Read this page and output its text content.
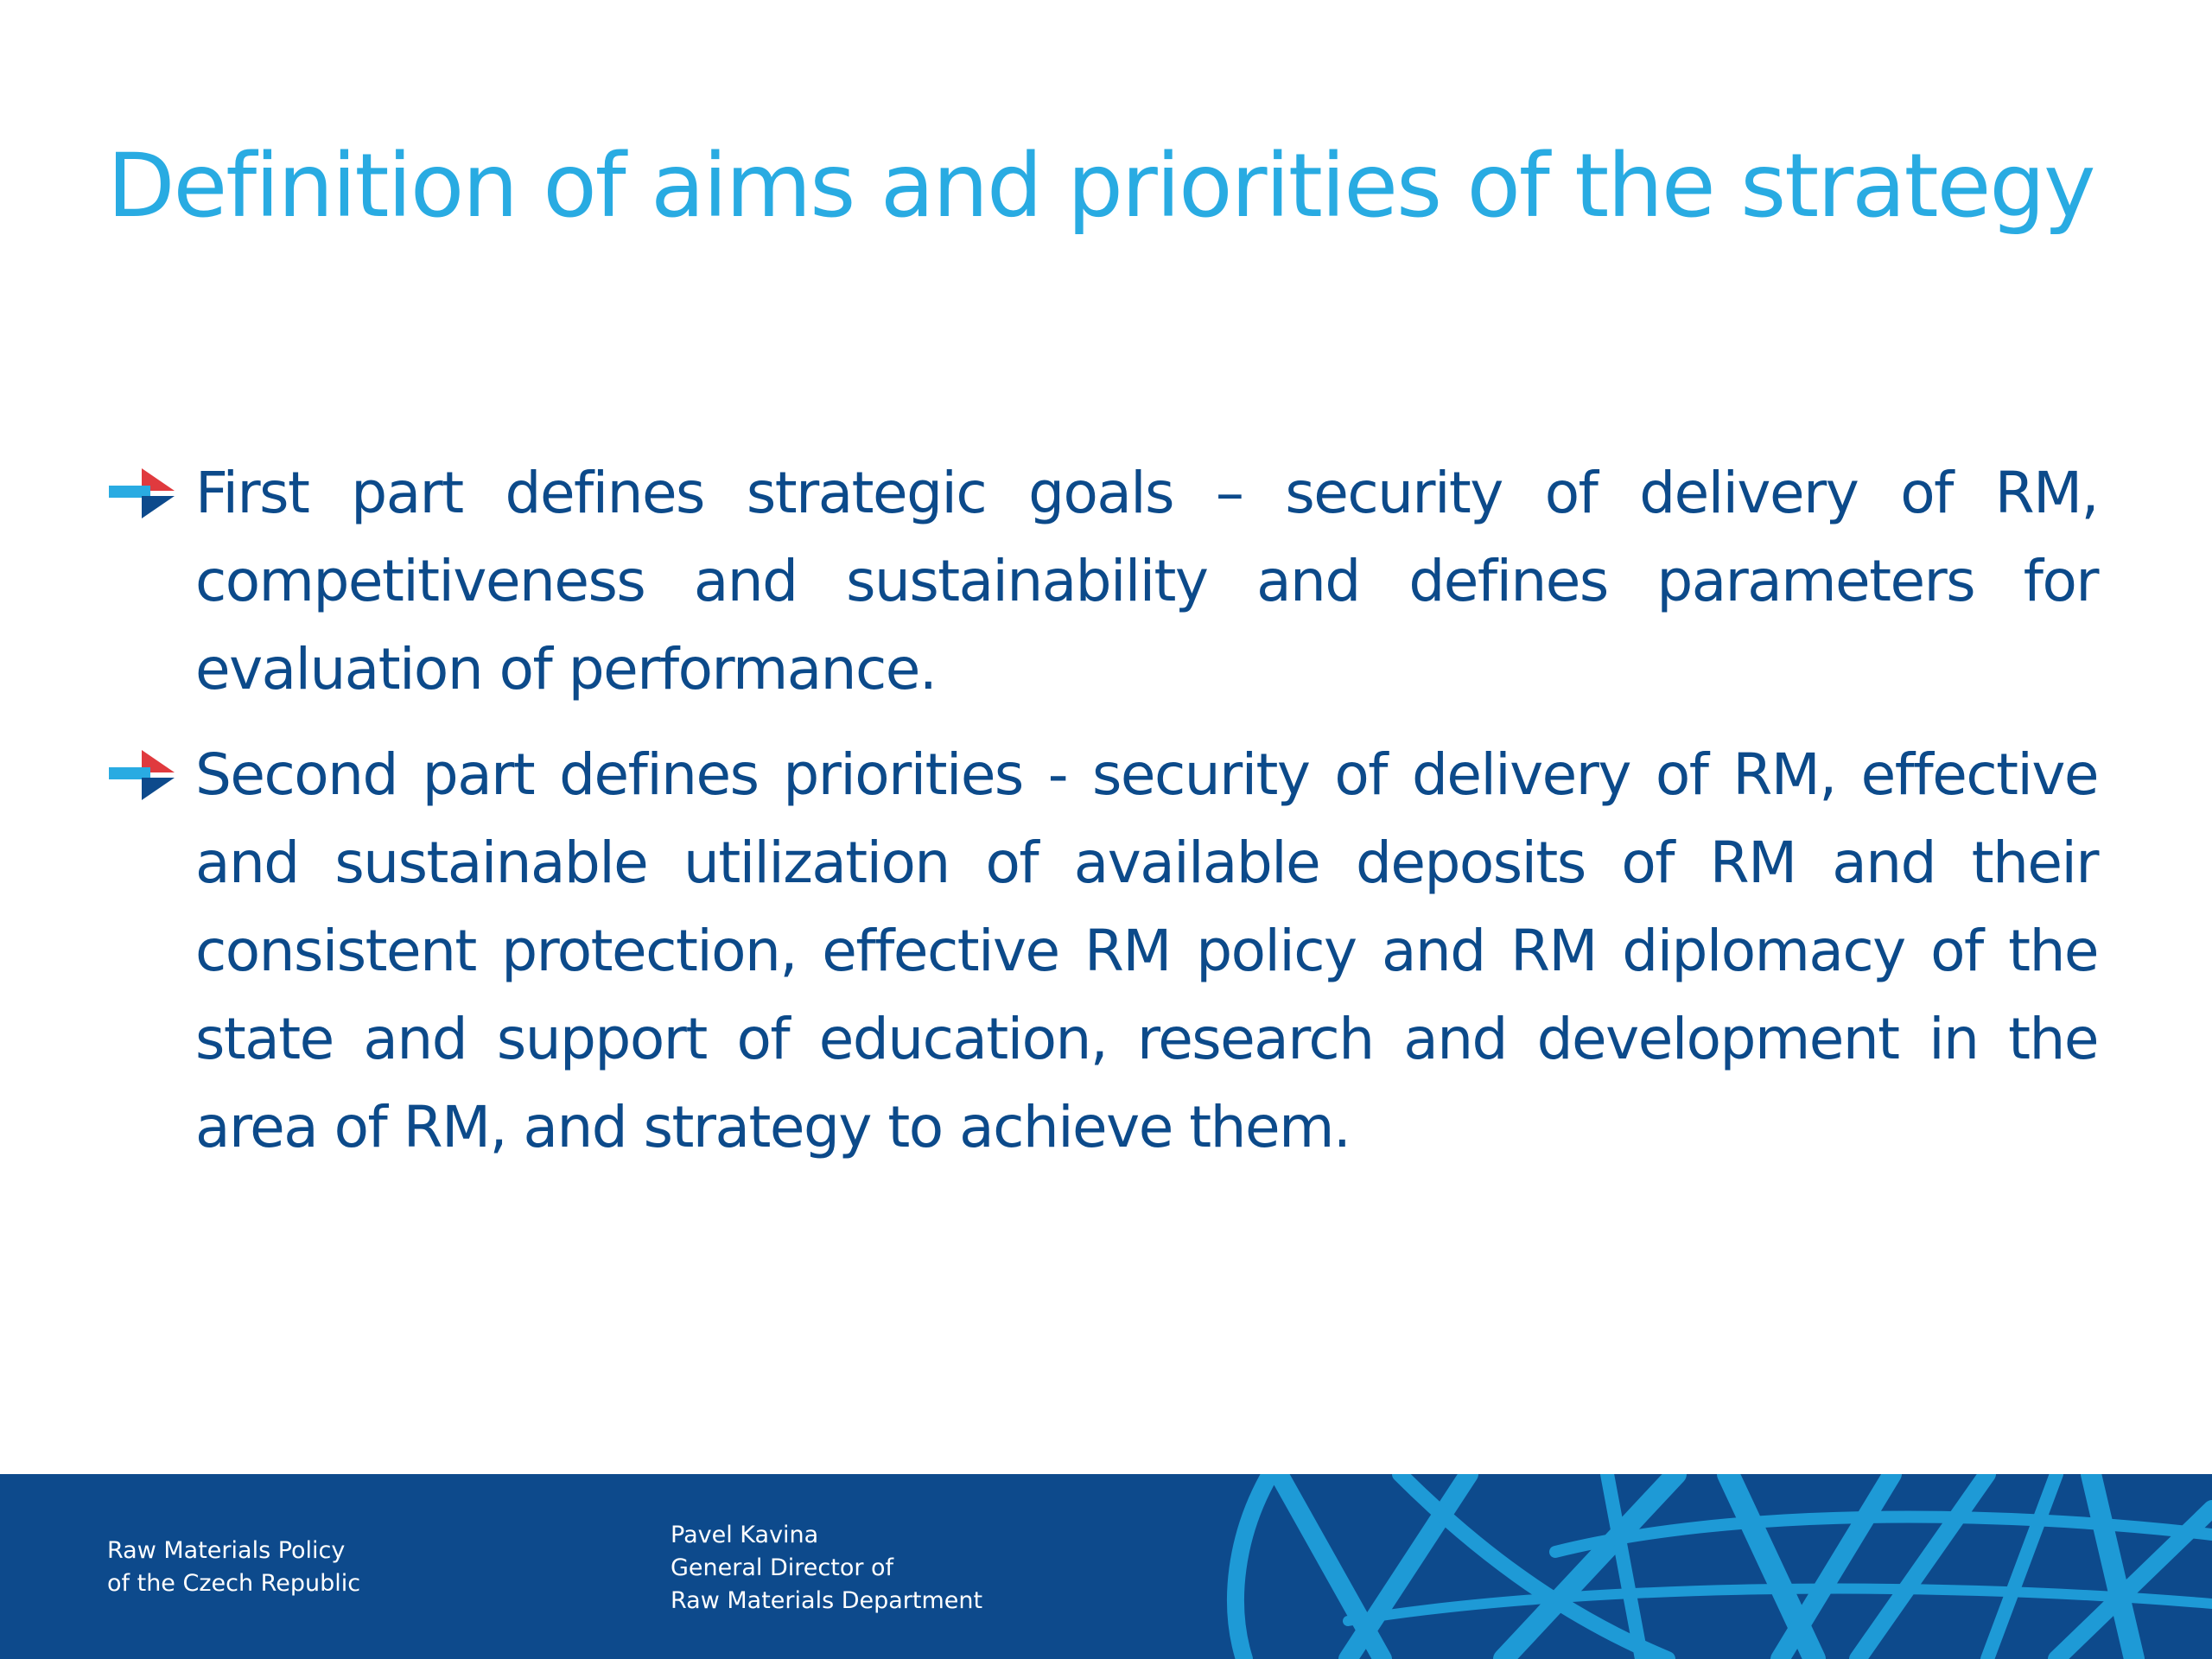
Definition of aims and priorities of the strategy
First part defines strategic goals – security of delivery of RM, competitiveness and sustainability and defines parameters for evaluation of performance.
Second part defines priorities - security of delivery of RM, effective and sustainable utilization of available deposits of RM and their consistent protection, effective RM policy and RM diplomacy of the state and support of education, research and development in the area of RM, and strategy to achieve them.
Raw Materials Policy
of the Czech Republic
Pavel Kavina
General Director of
Raw Materials Department
